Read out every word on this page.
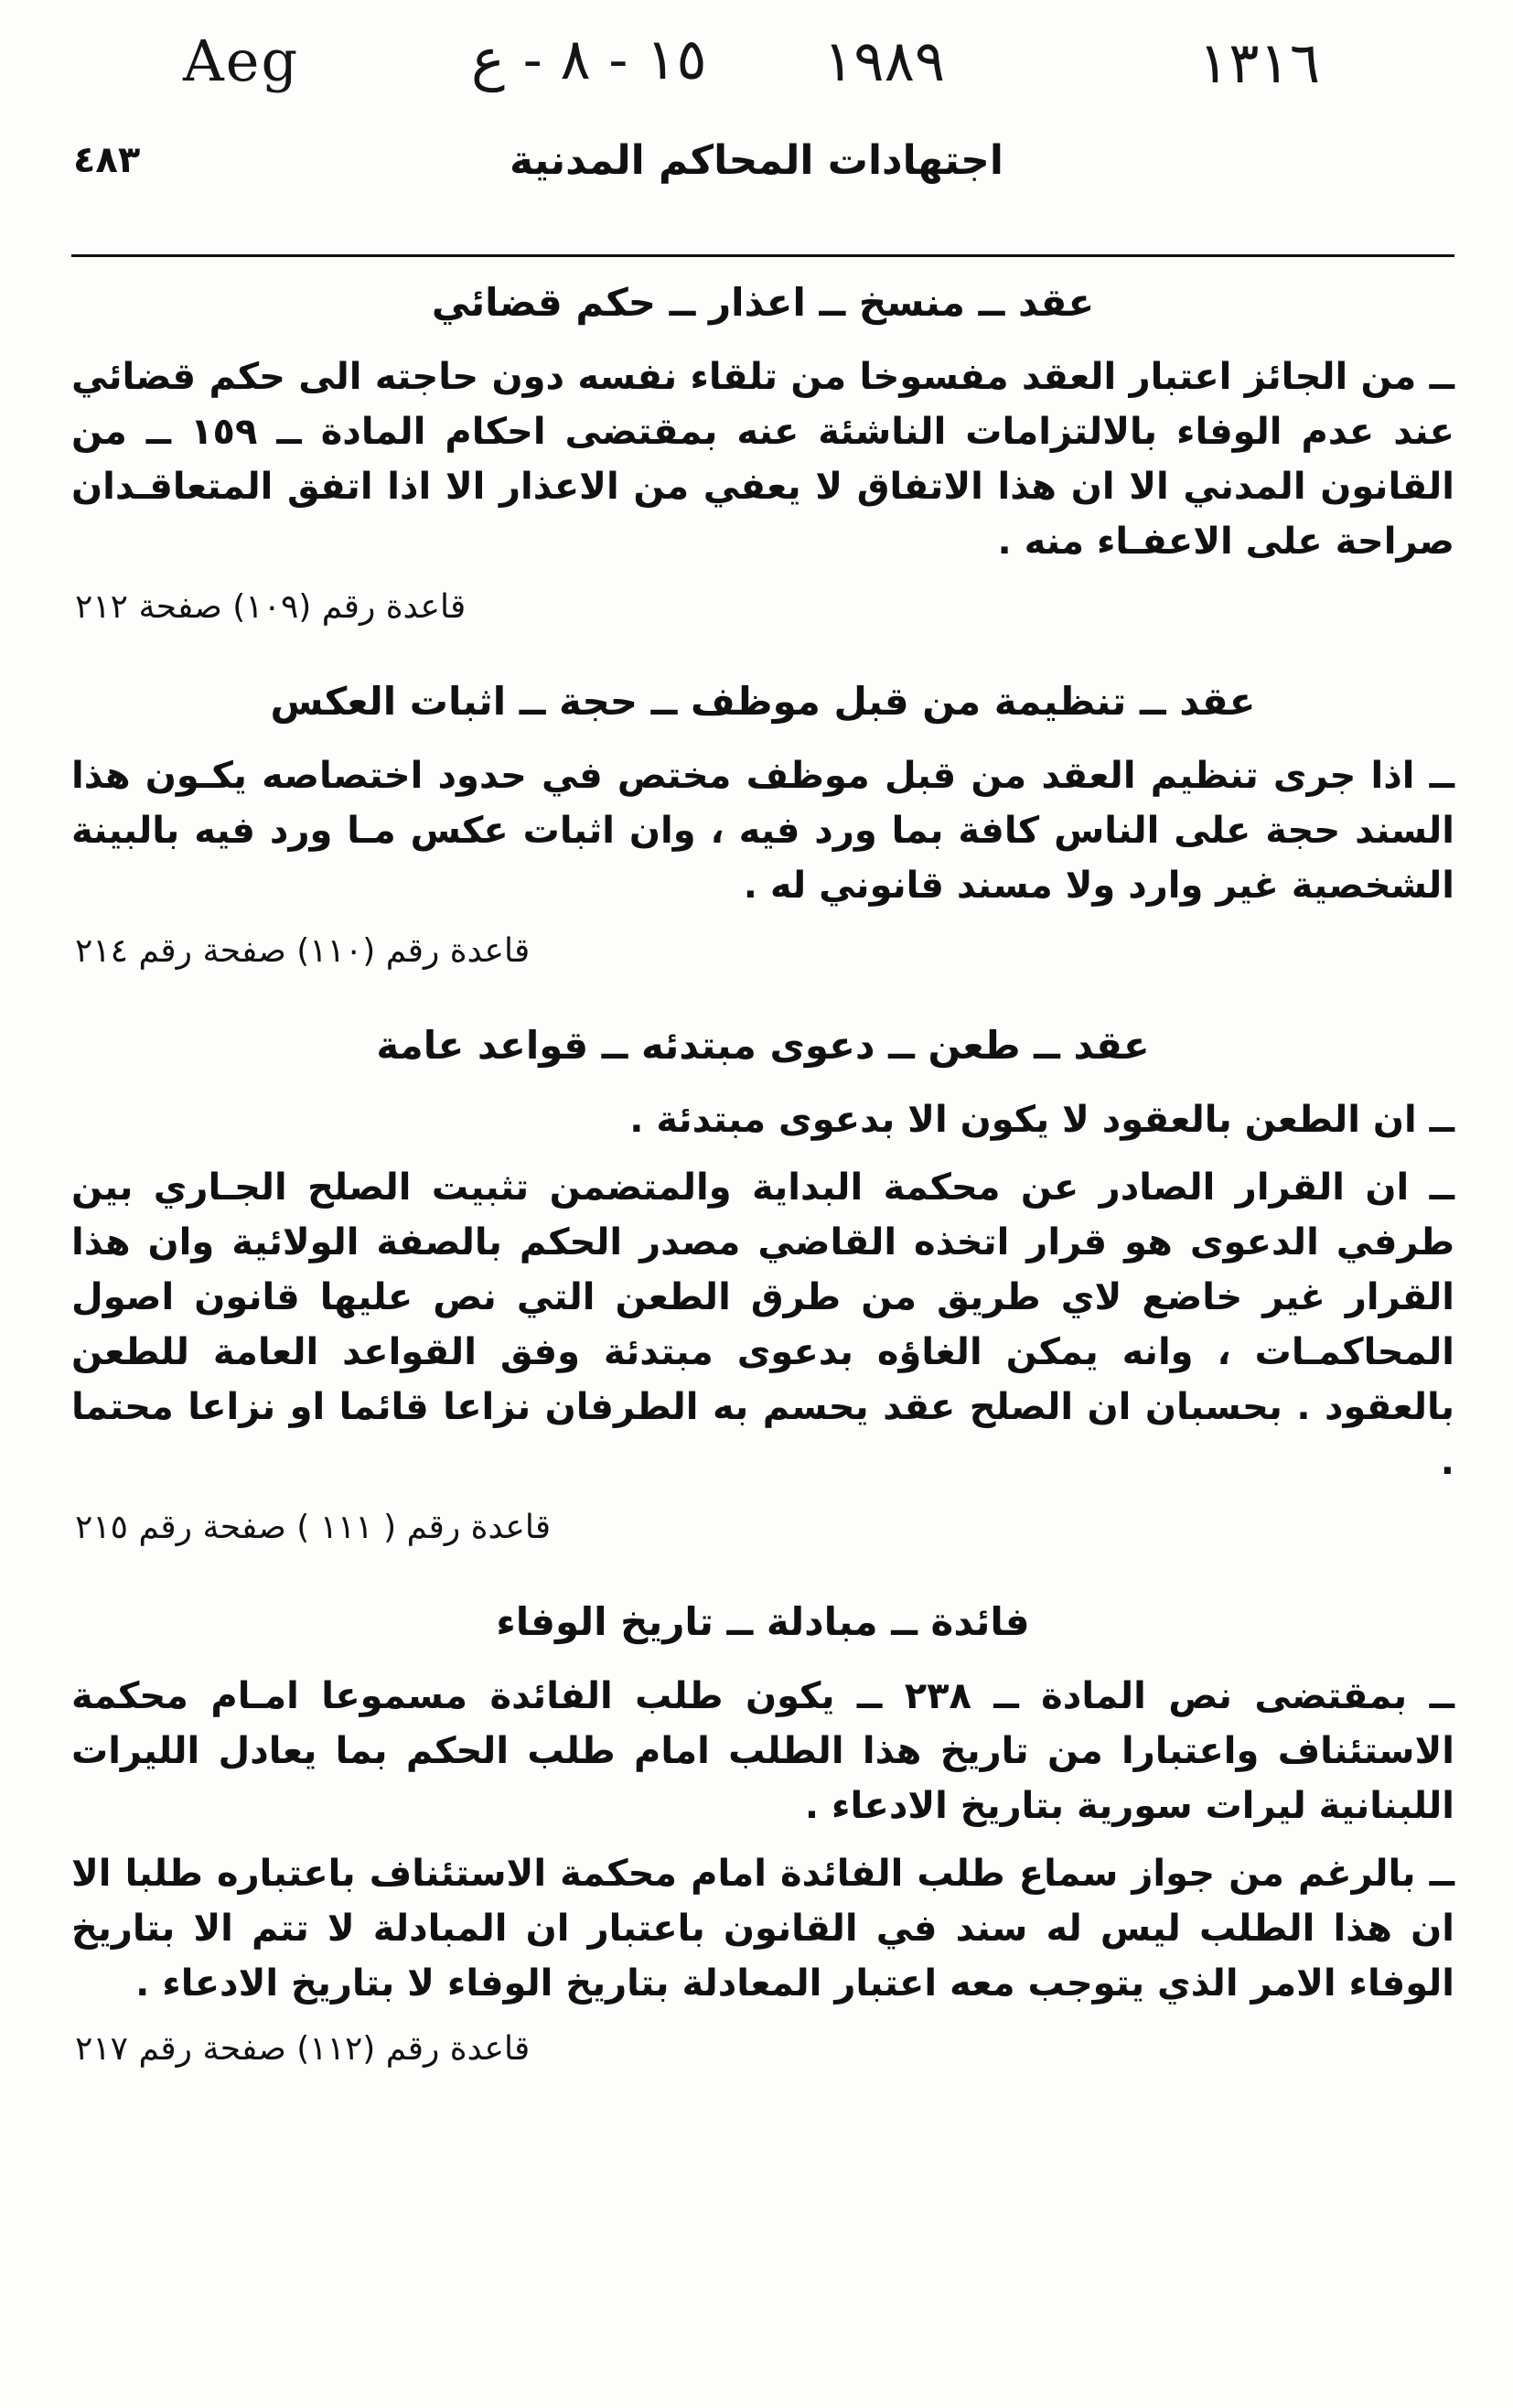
Aeg	١٥ - ٨ - ع ١٩٨٩	١٣١٦
٤٨٣	اجتهادات المحاكم المدنية
عقد ــ منسخ ــ اعذار ــ حكم قضائي

ــ من الجائز اعتبار العقد مفسوخا من تلقاء نفسه دون حاجته الى حكم قضائي عند عدم الوفاء بالالتزامات الناشئة عنه بمقتضى احكام المادة ــ ١٥٩ ــ من القانون المدني الا ان هذا الاتفاق لا يعفي من الاعذار الا اذا اتفق المتعاقـدان صراحة على الاعفـاء منه .

قاعدة رقم (١٠٩) صفحة ٢١٢
عقد ــ تنظيمة من قبل موظف ــ حجة ــ اثبات العكس

ــ اذا جرى تنظيم العقد من قبل موظف مختص في حدود اختصاصه يكـون هذا السند حجة على الناس كافة بما ورد فيه ، وان اثبات عكس مـا ورد فيه بالبينة الشخصية غير وارد ولا مسند قانوني له .

قاعدة رقم (١١٠) صفحة رقم ٢١٤
عقد ــ طعن ــ دعوى مبتدئه ــ قواعد عامة

ــ ان الطعن بالعقود لا يكون الا بدعوى مبتدئة .

ــ ان القرار الصادر عن محكمة البداية والمتضمن تثبيت الصلح الجـاري بين طرفي الدعوى هو قرار اتخذه القاضي مصدر الحكم بالصفة الولائية وان هذا القرار غير خاضع لاي طريق من طرق الطعن التي نص عليها قانون اصول المحاكمـات ، وانه يمكن الغاؤه بدعوى مبتدئة وفق القواعد العامة للطعن بالعقود . بحسبان ان الصلح عقد يحسم به الطرفان نزاعا قائما او نزاعا محتما .

قاعدة رقم ( ١١١ ) صفحة رقم ٢١٥
فائدة ــ مبادلة ــ تاريخ الوفاء

ــ بمقتضى نص المادة ــ ٢٣٨ ــ يكون طلب الفائدة مسموعا امـام محكمة الاستئناف واعتبارا من تاريخ هذا الطلب امام طلب الحكم بما يعادل الليرات اللبنانية ليرات سورية بتاريخ الادعاء .

ــ بالرغم من جواز سماع طلب الفائدة امام محكمة الاستئناف باعتباره طلبا الا ان هذا الطلب ليس له سند في القانون باعتبار ان المبادلة لا تتم الا بتاريخ الوفاء الامر الذي يتوجب معه اعتبار المعادلة بتاريخ الوفاء لا بتاريخ الادعاء .

قاعدة رقم (١١٢) صفحة رقم ٢١٧
